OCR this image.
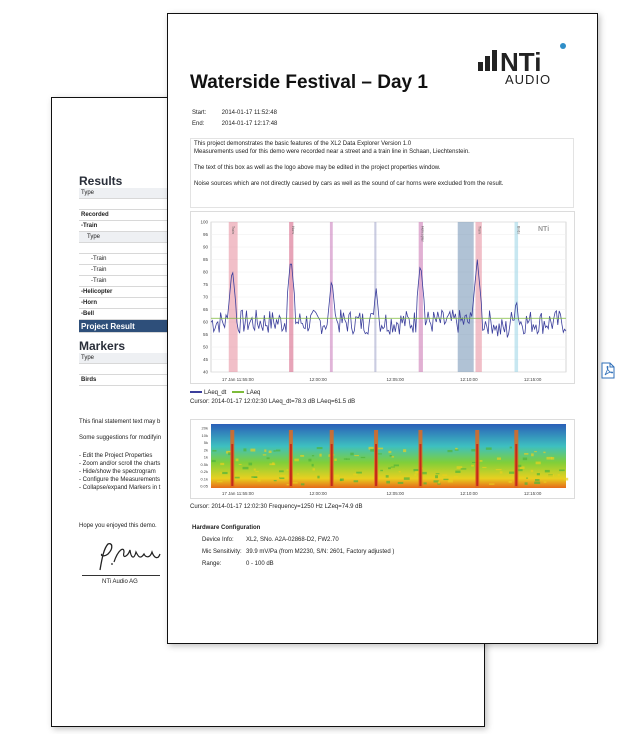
Results
Type
Recorded
-Train
Type
-Train
-Train
-Train
-Helicopter
-Horn
-Bell
Project Result
Markers
Type
Birds
This final statement text may b
Some suggestions for modifyin
- Edit the Project Properties
- Zoom and/or scroll the charts
- Hide/show the spectrogram
- Configure the Measurements
- Collapse/expand Markers in t
Hope you enjoyed this demo.
NTi Audio AG
Waterside Festival – Day 1
NTi
AUDIO
Start:	2014-01-17 11:52:48
End:	2014-01-17 12:17:48

This project demonstrates the basic features of the XL2 Data Explorer Version 1.0

Measurements used for this demo were recorded near a street and a train line in Schaan, Liechtenstein.

The text of this box as well as the logo above may be edited in the project properties window.

Noise sources which are not directly caused by cars as well as the sound of car horns were excluded from the result.

100
95
90
85
80
75
70
65
60
55
50
45
40
Train	Horn	Helicopter	Train	Birds NTi
17 Jan 11:55:00	12:00:00	12:05:00	12:10:00	12:15:00
LAeq_dt	LAeq
Cursor: 2014-01-17 12:02:30 LAeq_dt=78.3 dB LAeq=61.5 dB
20k
10k
5k
2k
1k
0.5k
0.2k
0.1k
0.05
17 Jan 11:55:00	12:00:00	12:05:00	12:10:00	12:15:00
Cursor: 2014-01-17 12:02:30 Frequency=1250 Hz LZeq=74.9 dB
Hardware Configuration
Device Info: XL2, SNo. A2A-02868-D2, FW2.70
Mic Sensitivity: 39.9 mV/Pa (from M2230, S/N: 2601, Factory adjusted )
Range:	0 - 100 dB
